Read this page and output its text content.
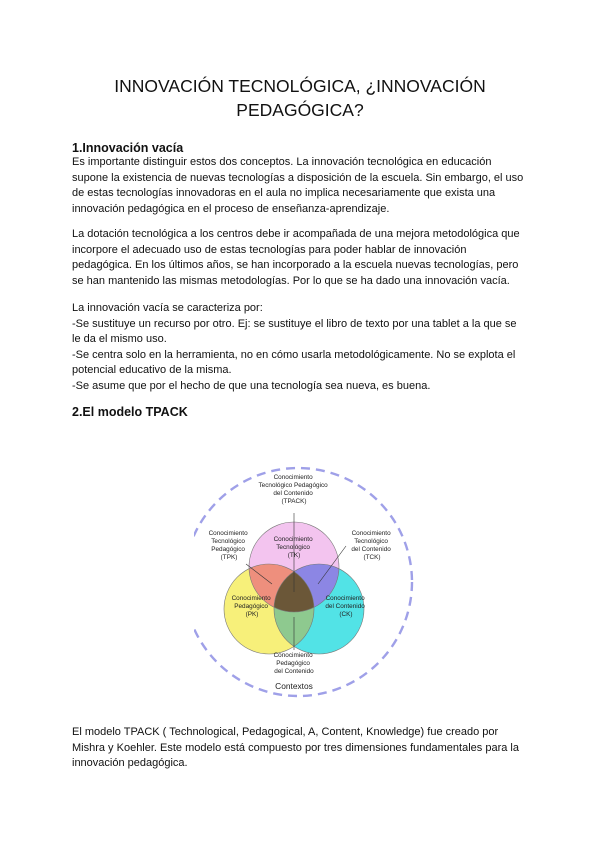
INNOVACIÓN TECNOLÓGICA, ¿INNOVACIÓN
PEDAGÓGICA?
1.Innovación vacía

Es importante distinguir estos dos conceptos. La innovación tecnológica en educación
supone la existencia de nuevas tecnologías a disposición de la escuela. Sin embargo, el uso
de estas tecnologías innovadoras en el aula no implica necesariamente que exista una
innovación pedagógica en el proceso de enseñanza-aprendizaje.

La dotación tecnológica a los centros debe ir acompañada de una mejora metodológica que
incorpore el adecuado uso de estas tecnologías para poder hablar de innovación
pedagógica. En los últimos años, se han incorporado a la escuela nuevas tecnologías, pero
se han mantenido las mismas metodologías. Por lo que se ha dado una innovación vacía.

La innovación vacía se caracteriza por:
-Se sustituye un recurso por otro. Ej: se sustituye el libro de texto por una tablet a la que se
le da el mismo uso.
-Se centra solo en la herramienta, no en cómo usarla metodológicamente. No se explota el
potencial educativo de la misma.
-Se asume que por el hecho de que una tecnología sea nueva, es buena.

2.El modelo TPACK
Conocimiento Tecnológico Pedagógico del Contenido (TPACK)
Conocimiento Tecnológico (TK)
Conocimiento Tecnológico Pedagógico (TPK)
Conocimiento Tecnológico del Contenido (TCK)
Conocimiento Pedagógico (PK)
Conocimiento del Contenido (CK)
Conocimiento Pedagógico del Contenido
Contextos

El modelo TPACK ( Technological, Pedagogical, A, Content, Knowledge) fue creado por
Mishra y Koehler. Este modelo está compuesto por tres dimensiones fundamentales para la
innovación pedagógica.
